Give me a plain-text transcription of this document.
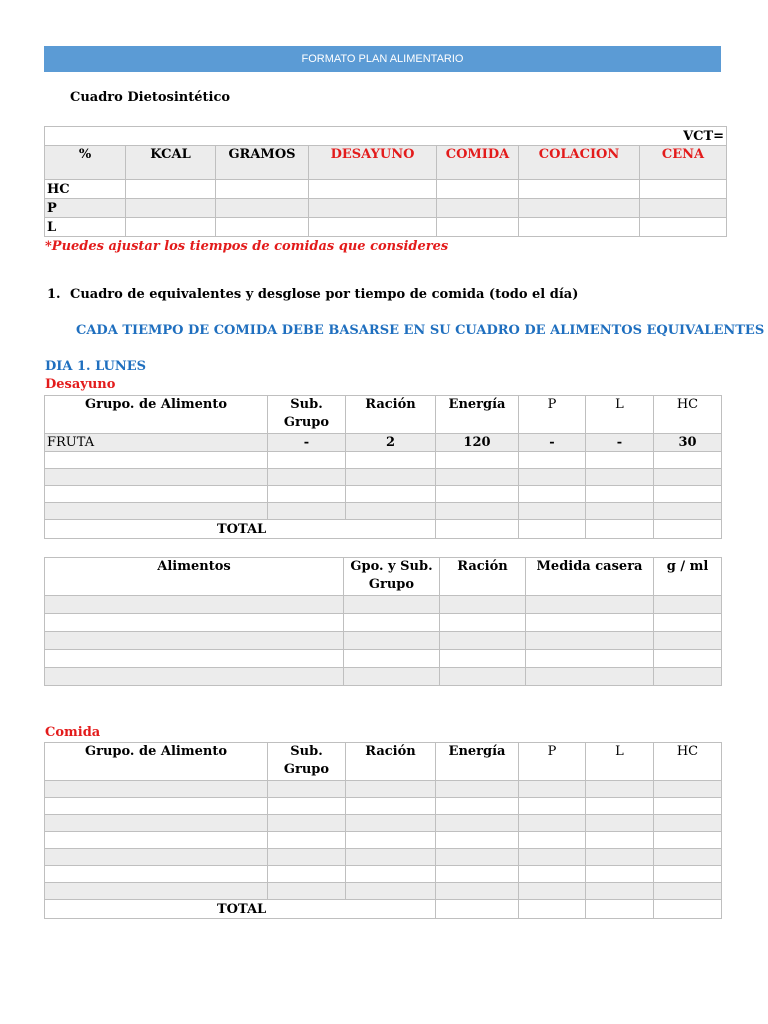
FORMATO PLAN ALIMENTARIO
Cuadro Dietosintético
VCT=						
%	KCAL	GRAMOS	DESAYUNO	COMIDA	COLACION	CENA
HC						
P						
L						
*Puedes ajustar los tiempos de comidas que consideres
1. Cuadro de equivalentes y desglose por tiempo de comida (todo el día)
CADA TIEMPO DE COMIDA DEBE BASARSE EN SU CUADRO DE ALIMENTOS EQUIVALENTES
DIA 1. LUNES
Desayuno
Grupo. de Alimento	Sub. Grupo	Ración	Energía	P	L	HC
FRUTA	-	2	120	-	-	30

TOTAL						
Alimentos	Gpo. y Sub. Grupo	Ración	Medida casera	g / ml

Comida
Grupo. de Alimento	Sub. Grupo	Ración	Energía	P	L	HC

TOTAL						
